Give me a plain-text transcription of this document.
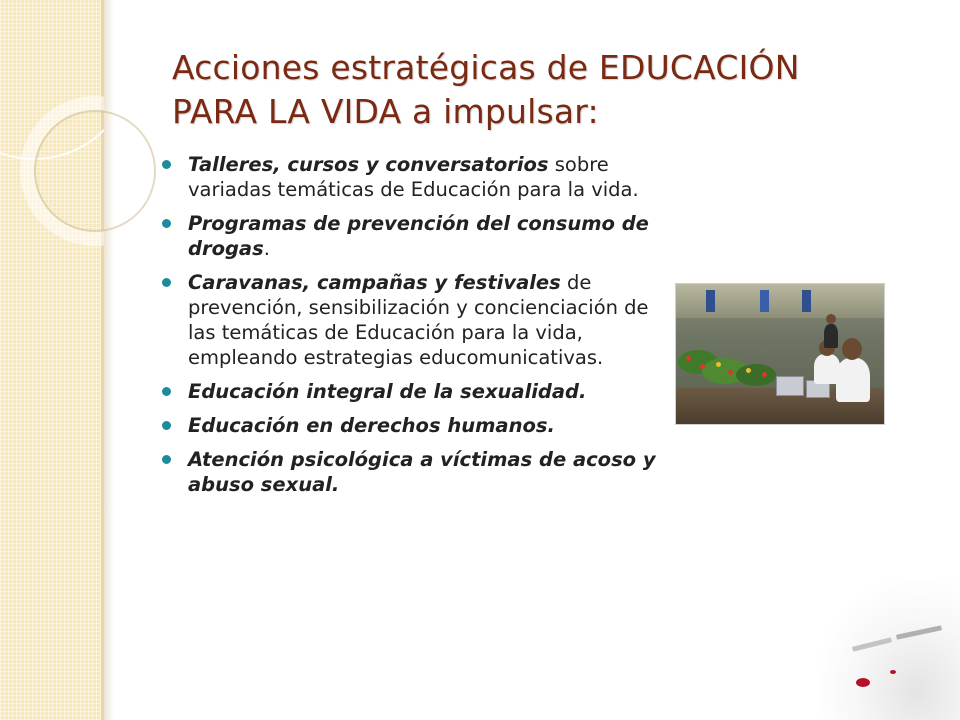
Acciones estratégicas de EDUCACIÓN
PARA LA VIDA a impulsar:
Talleres, cursos y conversatorios sobre variadas temáticas de Educación para la vida.
Programas de prevención del consumo de drogas.
Caravanas, campañas y festivales de prevención, sensibilización y concienciación de las temáticas de Educación para la vida, empleando estrategias educomunicativas.
Educación integral de la sexualidad.
Educación en derechos humanos.
Atención psicológica a víctimas de acoso y abuso sexual.
